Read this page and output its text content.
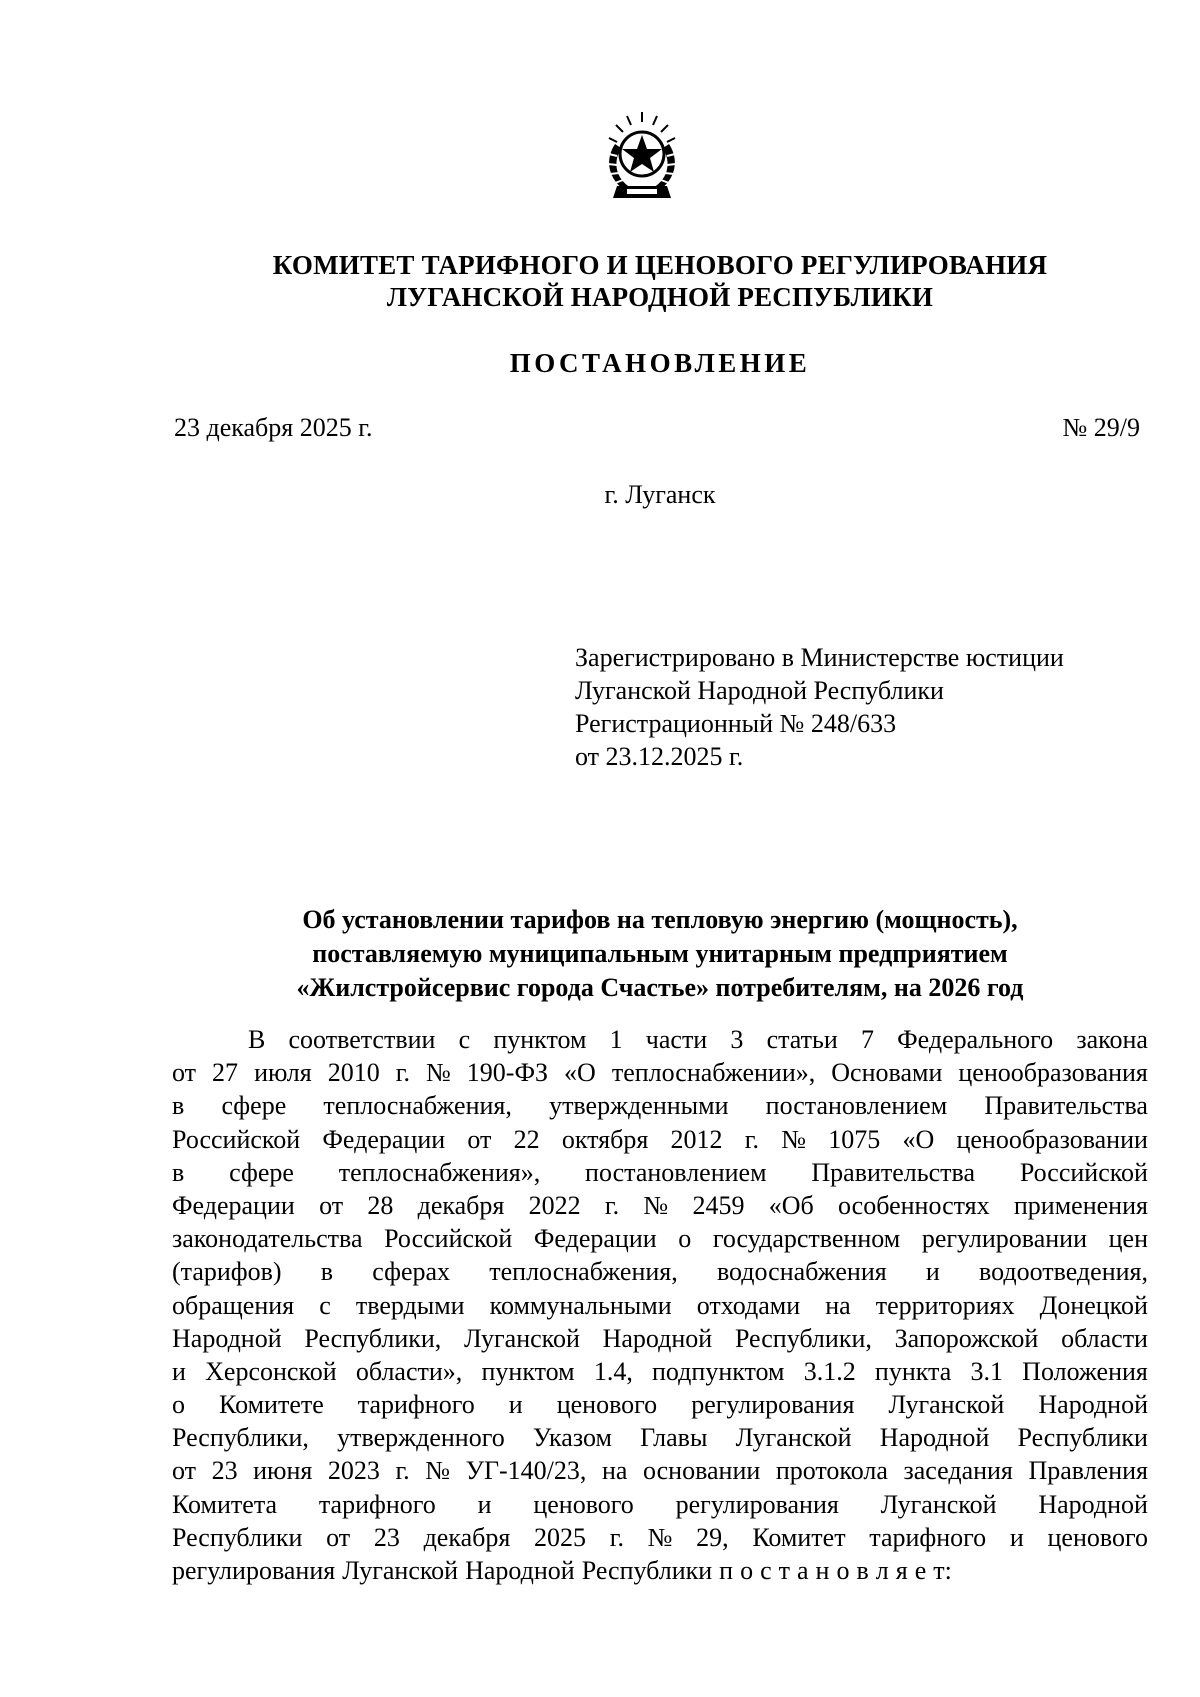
КОМИТЕТ ТАРИФНОГО И ЦЕНОВОГО РЕГУЛИРОВАНИЯ
ЛУГАНСКОЙ НАРОДНОЙ РЕСПУБЛИКИ
ПОСТАНОВЛЕНИЕ
23 декабря 2025 г.	№ 29/9
г. Луганск
Зарегистрировано в Министерстве юстиции
Луганской Народной Республики
Регистрационный № 248/633
от 23.12.2025 г.
Об установлении тарифов на тепловую энергию (мощность),
поставляемую муниципальным унитарным предприятием
«Жилстройсервис города Счастье» потребителям, на 2026 год
В соответствии с пунктом 1 части 3 статьи 7 Федерального закона
от 27 июля 2010 г. № 190-ФЗ «О теплоснабжении», Основами ценообразования
в сфере теплоснабжения, утвержденными постановлением Правительства
Российской Федерации от 22 октября 2012 г. № 1075 «О ценообразовании
в сфере теплоснабжения», постановлением Правительства Российской
Федерации от 28 декабря 2022 г. № 2459 «Об особенностях применения
законодательства Российской Федерации о государственном регулировании цен
(тарифов) в сферах теплоснабжения, водоснабжения и водоотведения,
обращения с твердыми коммунальными отходами на территориях Донецкой
Народной Республики, Луганской Народной Республики, Запорожской области
и Херсонской области», пунктом 1.4, подпунктом 3.1.2 пункта 3.1 Положения
о Комитете тарифного и ценового регулирования Луганской Народной
Республики, утвержденного Указом Главы Луганской Народной Республики
от 23 июня 2023 г. № УГ-140/23, на основании протокола заседания Правления
Комитета тарифного и ценового регулирования Луганской Народной
Республики от 23 декабря 2025 г. № 29, Комитет тарифного и ценового
регулирования Луганской Народной Республики п о с т а н о в л я е т:
